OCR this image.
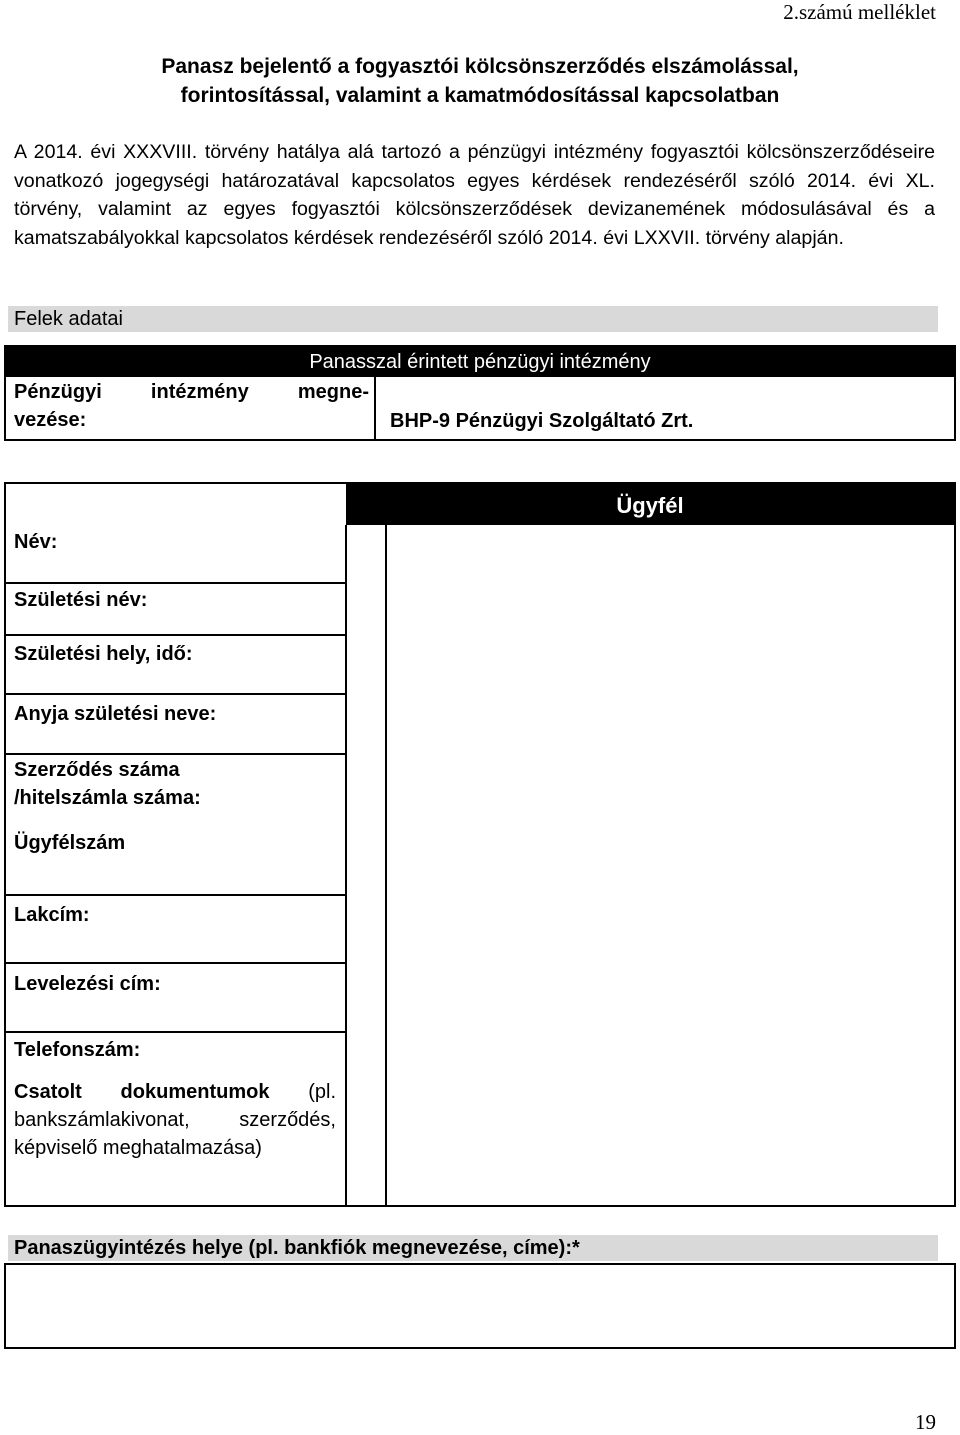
2.számú melléklet
Panasz bejelentő a fogyasztói kölcsönszerződés elszámolással,
forintosítással, valamint a kamatmódosítással kapcsolatban
A 2014. évi XXXVIII. törvény hatálya alá tartozó a pénzügyi intézmény fogyasztói kölcsönszerződéseire vonatkozó jogegységi határozatával kapcsolatos egyes kérdések rendezéséről szóló 2014. évi XL. törvény, valamint az egyes fogyasztói kölcsönszerződések devizanemének módosulásával és a kamatszabályokkal kapcsolatos kérdések rendezéséről szóló 2014. évi LXXVII. törvény alapján.
Felek adatai
Panasszal érintett pénzügyi intézmény
Pénzügyi intézmény megne-
vezése:	BHP-9 Pénzügyi Szolgáltató Zrt.
Ügyfél
Név:
Születési név:
Születési hely, idő:
Anyja születési neve:
Szerződés száma
/hitelszámla száma:
Ügyfélszám
Lakcím:
Levelezési cím:
Telefonszám:
Csatolt dokumentumok (pl. bankszámlakivonat, szerződés, képviselő meghatalmazása)
Panaszügyintézés helye (pl. bankfiók megnevezése, címe):*
19
